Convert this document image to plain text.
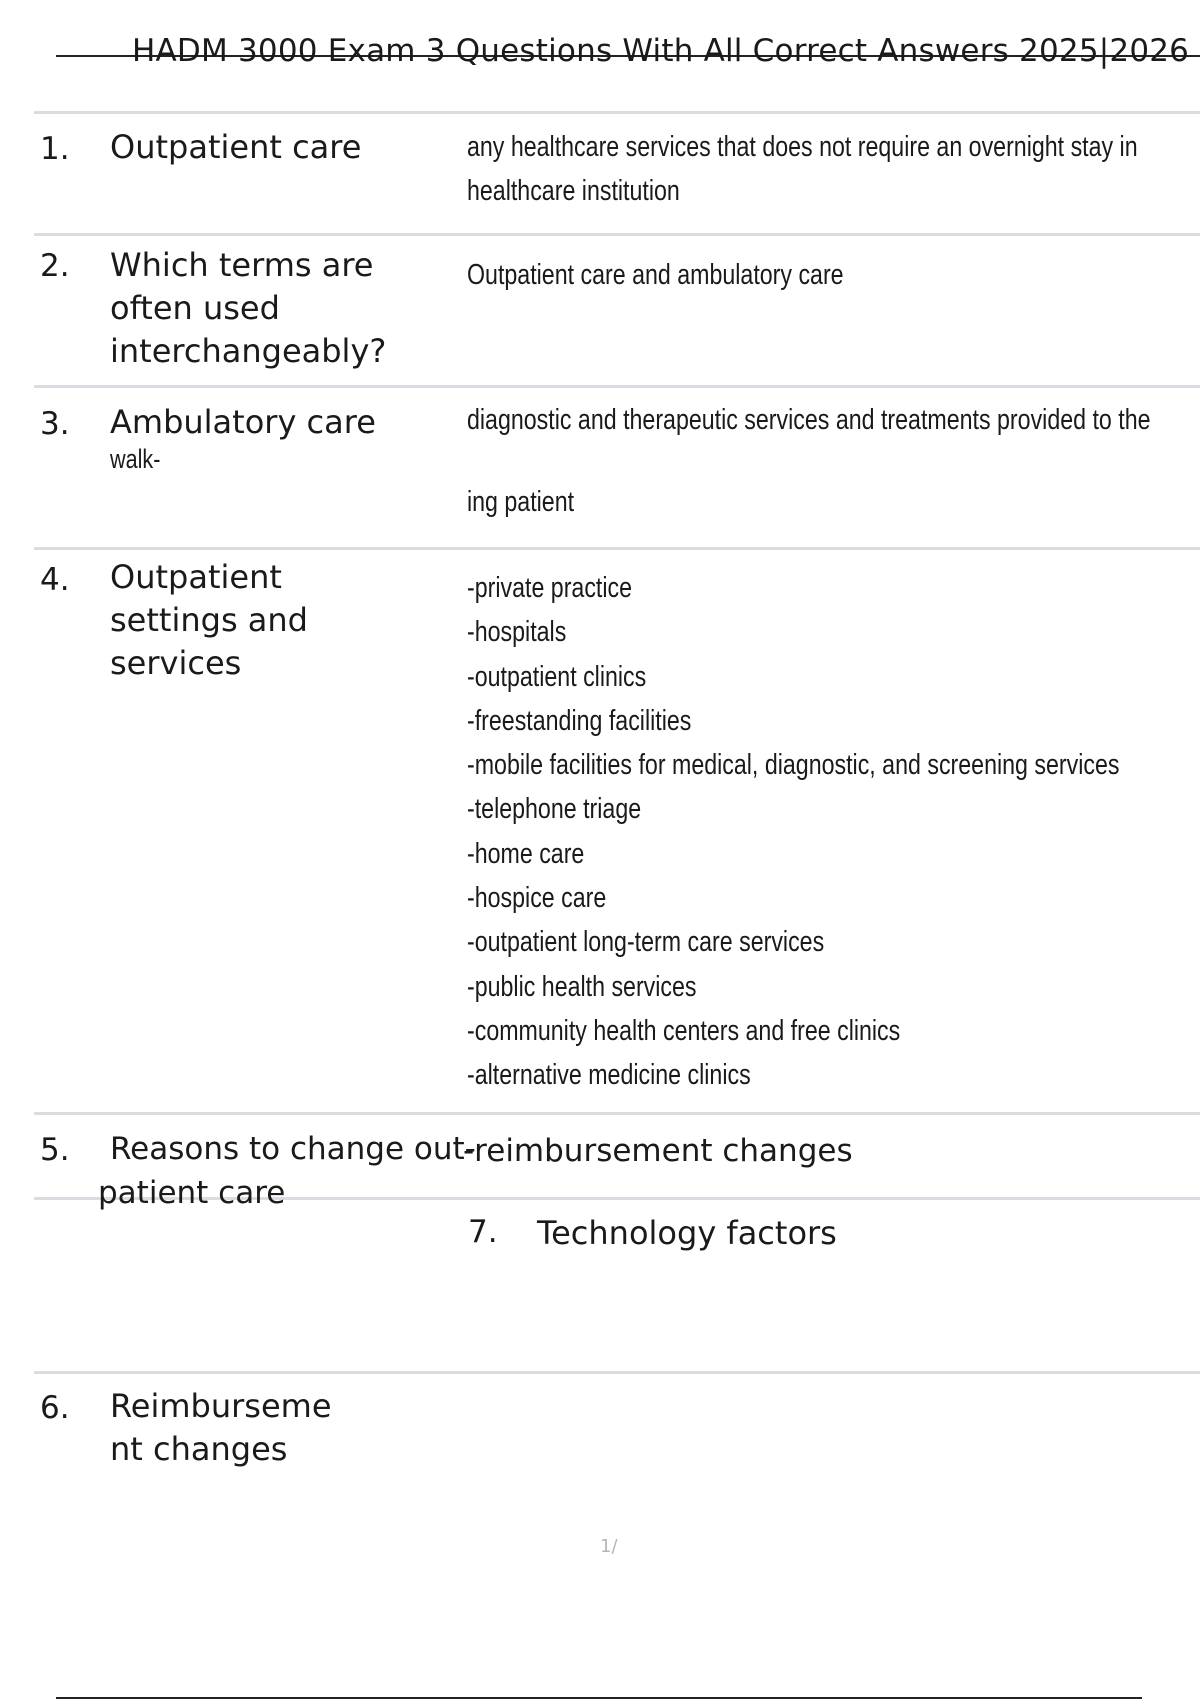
HADM 3000 Exam 3 Questions With All Correct Answers 2025|2026
1. Outpatient care	any healthcare services that does not require an overnight stay in
healthcare institution
2. Which terms are
often used
interchangeably?
Outpatient care and ambulatory care
3. Ambulatory care
walk-
diagnostic and therapeutic services and treatments provided to the
ing patient
4. Outpatient
settings and
services
-private practice
-hospitals
-outpatient clinics
-freestanding facilities
-mobile facilities for medical, diagnostic, and screening services
-telephone triage
-home care
-hospice care
-outpatient long-term care services
-public health services
-community health centers and free clinics
-alternative medicine clinics
5. Reasons to change out-
patient care
-reimbursement changes
7. Technology factors
6. Reimburseme
nt changes
1/
